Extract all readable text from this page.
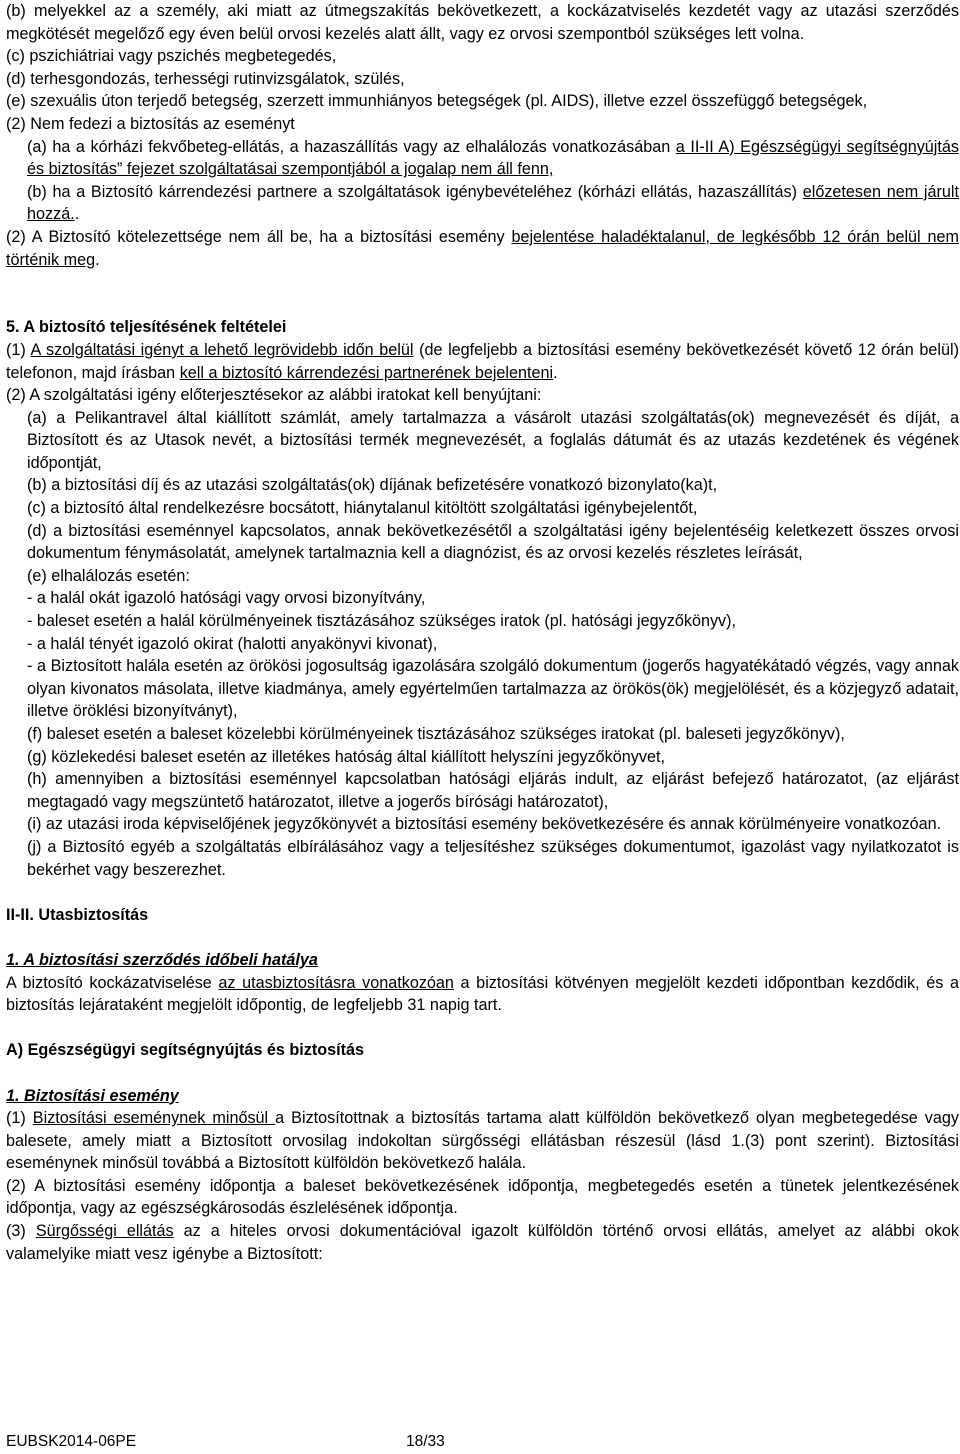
(b) melyekkel az a személy, aki miatt az útmegszakítás bekövetkezett, a kockázatviselés kezdetét vagy az utazási szerződés megkötését megelőző egy éven belül orvosi kezelés alatt állt, vagy ez orvosi szempontból szükséges lett volna.

(c) pszichiátriai vagy pszichés megbetegedés,

(d) terhesgondozás, terhességi rutinvizsgálatok, szülés,

(e) szexuális úton terjedő betegség, szerzett immunhiányos betegségek (pl. AIDS), illetve ezzel összefüggő betegségek,

(2) Nem fedezi a biztosítás az eseményt

(a) ha a kórházi fekvőbeteg-ellátás, a hazaszállítás vagy az elhalálozás vonatkozásában a II-II A) Egészségügyi segítségnyújtás és biztosítás” fejezet szolgáltatásai szempontjából a jogalap nem áll fenn,

(b) ha a Biztosító kárrendezési partnere a szolgáltatások igénybevételéhez (kórházi ellátás, hazaszállítás) előzetesen nem járult hozzá..

(2) A Biztosító kötelezettsége nem áll be, ha a biztosítási esemény bejelentése haladéktalanul, de legkésőbb 12 órán belül nem történik meg.

5. A biztosító teljesítésének feltételei

(1) A szolgáltatási igényt a lehető legrövidebb időn belül (de legfeljebb a biztosítási esemény bekövetkezését követő 12 órán belül) telefonon, majd írásban kell a biztosító kárrendezési partnerének bejelenteni.

(2) A szolgáltatási igény előterjesztésekor az alábbi iratokat kell benyújtani:

(a) a Pelikantravel által kiállított számlát, amely tartalmazza a vásárolt utazási szolgáltatás(ok) megnevezését és díját, a Biztosított és az Utasok nevét, a biztosítási termék megnevezését, a foglalás dátumát és az utazás kezdetének és végének időpontját,

(b) a biztosítási díj és az utazási szolgáltatás(ok) díjának befizetésére vonatkozó bizonylato(ka)t,

(c) a biztosító által rendelkezésre bocsátott, hiánytalanul kitöltött szolgáltatási igénybejelentőt,

(d) a biztosítási eseménnyel kapcsolatos, annak bekövetkezésétől a szolgáltatási igény bejelentéséig keletkezett összes orvosi dokumentum fénymásolatát, amelynek tartalmaznia kell a diagnózist, és az orvosi kezelés részletes leírását,

(e) elhalálozás esetén:

- a halál okát igazoló hatósági vagy orvosi bizonyítvány,

- baleset esetén a halál körülményeinek tisztázásához szükséges iratok (pl. hatósági jegyzőkönyv),

- a halál tényét igazoló okirat (halotti anyakönyvi kivonat),

- a Biztosított halála esetén az örökösi jogosultság igazolására szolgáló dokumentum (jogerős hagyatékátadó végzés, vagy annak olyan kivonatos másolata, illetve kiadmánya, amely egyértelműen tartalmazza az örökös(ök) megjelölését, és a közjegyző adatait, illetve öröklési bizonyítványt),

(f) baleset esetén a baleset közelebbi körülményeinek tisztázásához szükséges iratokat (pl. baleseti jegyzőkönyv),

(g) közlekedési baleset esetén az illetékes hatóság által kiállított helyszíni jegyzőkönyvet,

(h) amennyiben a biztosítási eseménnyel kapcsolatban hatósági eljárás indult, az eljárást befejező határozatot, (az eljárást megtagadó vagy megszüntető határozatot, illetve a jogerős bírósági határozatot),

(i) az utazási iroda képviselőjének jegyzőkönyvét a biztosítási esemény bekövetkezésére és annak körülményeire vonatkozóan.

(j) a Biztosító egyéb a szolgáltatás elbírálásához vagy a teljesítéshez szükséges dokumentumot, igazolást vagy nyilatkozatot is bekérhet vagy beszerezhet.

II-II. Utasbiztosítás

1. A biztosítási szerződés időbeli hatálya

A biztosító kockázatviselése az utasbiztosításra vonatkozóan a biztosítási kötvényen megjelölt kezdeti időpontban kezdődik, és a biztosítás lejárataként megjelölt időpontig, de legfeljebb 31 napig tart.

A) Egészségügyi segítségnyújtás és biztosítás

1. Biztosítási esemény

(1) Biztosítási eseménynek minősül a Biztosítottnak a biztosítás tartama alatt külföldön bekövetkező olyan megbetegedése vagy balesete, amely miatt a Biztosított orvosilag indokoltan sürgősségi ellátásban részesül (lásd 1.(3) pont szerint). Biztosítási eseménynek minősül továbbá a Biztosított külföldön bekövetkező halála.

(2) A biztosítási esemény időpontja a baleset bekövetkezésének időpontja, megbetegedés esetén a tünetek jelentkezésének időpontja, vagy az egészségkárosodás észlelésének időpontja.

(3) Sürgősségi ellátás az a hiteles orvosi dokumentációval igazolt külföldön történő orvosi ellátás, amelyet az alábbi okok valamelyike miatt vesz igénybe a Biztosított:

EUBSK2014-06PE	18/33
